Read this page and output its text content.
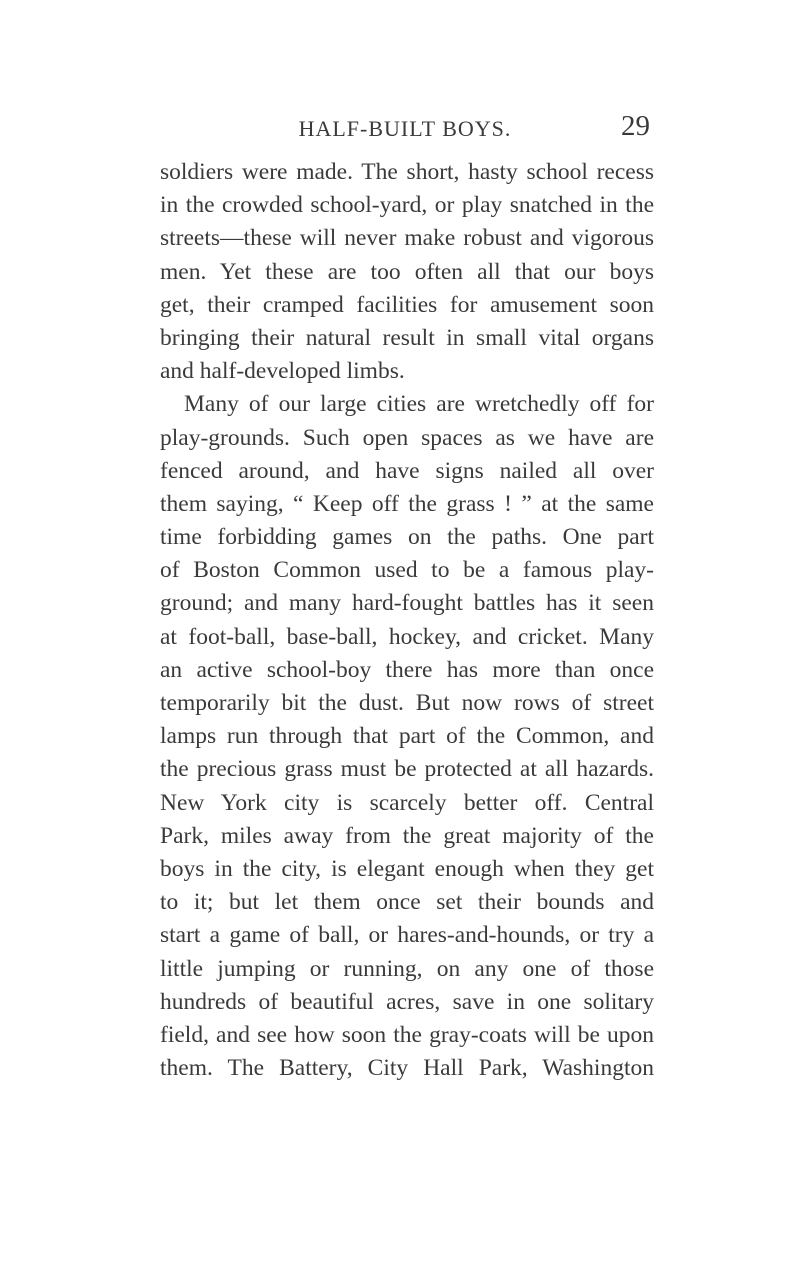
HALF-BUILT BOYS.	29
soldiers were made. The short, hasty school recess
in the crowded school-yard, or play snatched in the
streets—these will never make robust and vigorous
men. Yet these are too often all that our boys
get, their cramped facilities for amusement soon
bringing their natural result in small vital organs
and half-developed limbs.
Many of our large cities are wretchedly off for
play-grounds. Such open spaces as we have are
fenced around, and have signs nailed all over
them saying, “ Keep off the grass ! ” at the same
time forbidding games on the paths. One part
of Boston Common used to be a famous play-
ground; and many hard-fought battles has it seen
at foot-ball, base-ball, hockey, and cricket. Many
an active school-boy there has more than once
temporarily bit the dust. But now rows of street
lamps run through that part of the Common, and
the precious grass must be protected at all hazards.
New York city is scarcely better off. Central
Park, miles away from the great majority of the
boys in the city, is elegant enough when they get
to it; but let them once set their bounds and
start a game of ball, or hares-and-hounds, or try a
little jumping or running, on any one of those
hundreds of beautiful acres, save in one solitary
field, and see how soon the gray-coats will be upon
them. The Battery, City Hall Park, Washington
